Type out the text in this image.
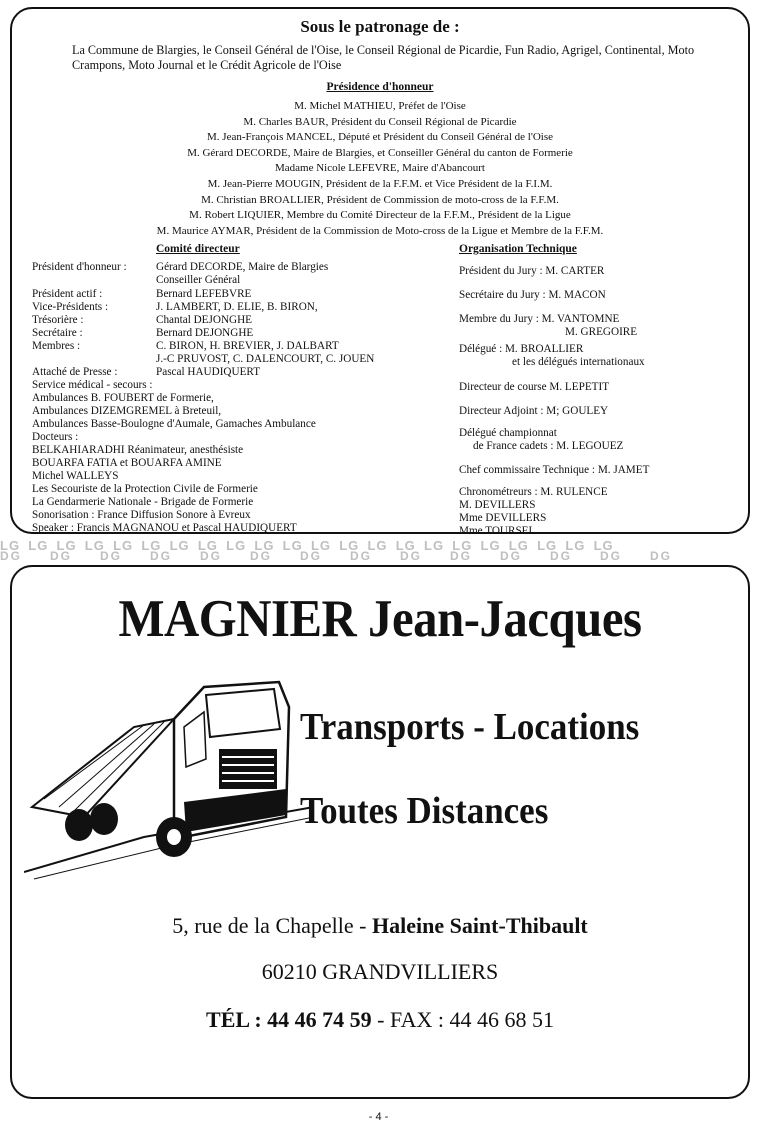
Sous le patronage de :
La Commune de Blargies, le Conseil Général de l'Oise, le Conseil Régional de Picardie, Fun Radio, Agrigel, Continental, Moto Crampons, Moto Journal et le Crédit Agricole de l'Oise
Présidence d'honneur
M. Michel MATHIEU, Préfet de l'Oise
M. Charles BAUR, Président du Conseil Régional de Picardie
M. Jean-François MANCEL, Député et Président du Conseil Général de l'Oise
M. Gérard DECORDE, Maire de Blargies, et Conseiller Général du canton de Formerie
Madame Nicole LEFEVRE, Maire d'Abancourt
M. Jean-Pierre MOUGIN, Président de la F.F.M. et Vice Président de la F.I.M.
M. Christian BROALLIER, Président de Commission de moto-cross de la F.F.M.
M. Robert LIQUIER, Membre du Comité Directeur de la F.F.M., Président de la Ligue
M. Maurice AYMAR, Président de la Commission de Moto-cross de la Ligue et Membre de la F.F.M.
Comité directeur	Organisation Technique
Président d'honneur :	Gérard DECORDE, Maire de Blargies
Conseiller Général
Président actif :	Bernard LEFEBVRE
Vice-Présidents :	J. LAMBERT, D. ELIE, B. BIRON,
Trésorière :	Chantal DEJONGHE
Secrétaire :	Bernard DEJONGHE
Membres :	C. BIRON, H. BREVIER, J. DALBART
J.-C PRUVOST, C. DALENCOURT, C. JOUEN
Attaché de Presse :	Pascal HAUDIQUERT
Service médical - secours :
Ambulances B. FOUBERT de Formerie,
Ambulances DIZEMGREMEL à Breteuil,
Ambulances Basse-Boulogne d'Aumale, Gamaches Ambulance
Docteurs :
BELKAHIARADHI Réanimateur, anesthésiste
BOUARFA FATIA et BOUARFA AMINE
Michel WALLEYS
Les Secouriste de la Protection Civile de Formerie
La Gendarmerie Nationale - Brigade de Formerie
Sonorisation : France Diffusion Sonore à Evreux
Speaker : Francis MAGNANOU et Pascal HAUDIQUERT
Président du Jury : M. CARTER
Secrétaire du Jury : M. MACON
Membre du Jury : M. VANTOMNE
M. GREGOIRE
Délégué : M. BROALLIER
et les délégués internationaux
Directeur de course M. LEPETIT
Directeur Adjoint : M; GOULEY
Délégué championnat
de France cadets : M. LEGOUEZ
Chef commissaire Technique : M. JAMET
Chronométreurs : M. RULENCE
M. DEVILLERS
Mme DEVILLERS
Mme TOURSEL
LG  LG  LG  LG  LG  LG  LG  LG  LG  LG  LG  LG  LG  LG  LG  LG  LG  LG  LG  LG  LG  LG  
DG  DG  DG  DG  DG  DG  DG  DG  DG  DG  DG  DG  DG  DG  
MAGNIER Jean-Jacques
Transports - Locations
Toutes Distances
5, rue de la Chapelle - Haleine Saint-Thibault
60210 GRANDVILLIERS
TÉL : 44 46 74 59 - FAX : 44 46 68 51
- 4 -
